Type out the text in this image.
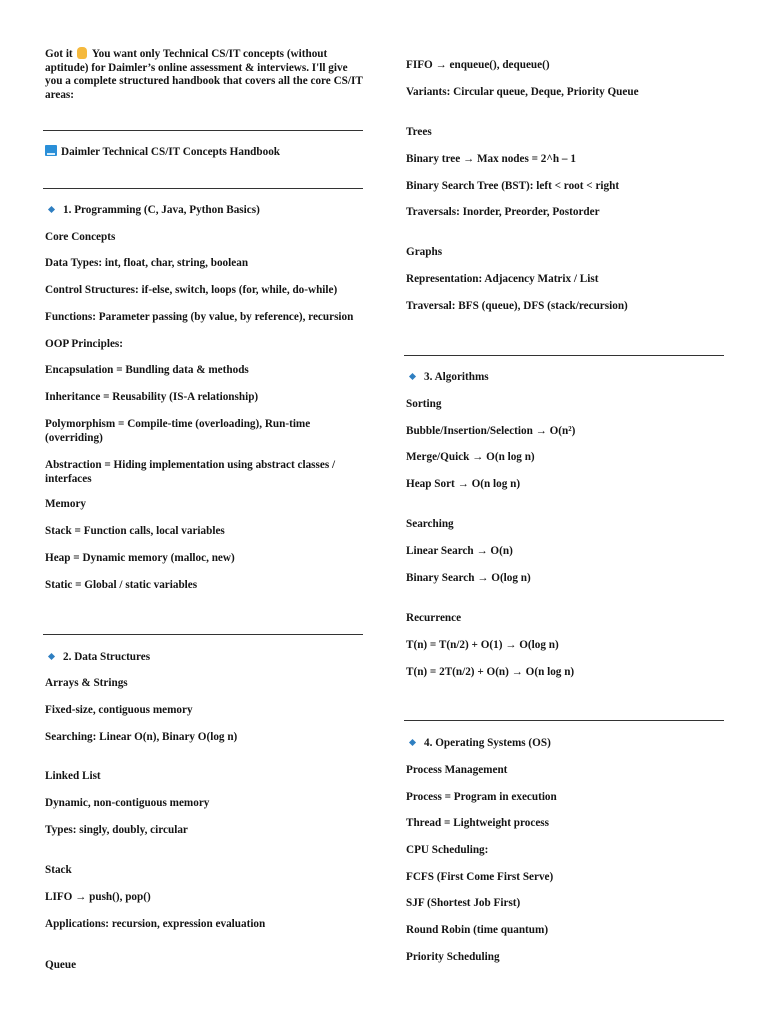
Got it You want only Technical CS/IT concepts (without aptitude) for Daimler’s online assessment & interviews. I'll give you a complete structured handbook that covers all the core CS/IT areas:
Daimler Technical CS/IT Concepts Handbook
1. Programming (C, Java, Python Basics)
Core Concepts
Data Types: int, float, char, string, boolean
Control Structures: if-else, switch, loops (for, while, do-while)
Functions: Parameter passing (by value, by reference), recursion
OOP Principles:
Encapsulation = Bundling data & methods
Inheritance = Reusability (IS-A relationship)
Polymorphism = Compile-time (overloading), Run-time (overriding)
Abstraction = Hiding implementation using abstract classes / interfaces
Memory
Stack = Function calls, local variables
Heap = Dynamic memory (malloc, new)
Static = Global / static variables
2. Data Structures
Arrays & Strings
Fixed-size, contiguous memory
Searching: Linear O(n), Binary O(log n)
Linked List
Dynamic, non-contiguous memory
Types: singly, doubly, circular
Stack
LIFO → push(), pop()
Applications: recursion, expression evaluation
Queue
FIFO → enqueue(), dequeue()
Variants: Circular queue, Deque, Priority Queue
Trees
Binary tree → Max nodes = 2^h – 1
Binary Search Tree (BST): left < root < right
Traversals: Inorder, Preorder, Postorder
Graphs
Representation: Adjacency Matrix / List
Traversal: BFS (queue), DFS (stack/recursion)
3. Algorithms
Sorting
Bubble/Insertion/Selection → O(n²)
Merge/Quick → O(n log n)
Heap Sort → O(n log n)
Searching
Linear Search → O(n)
Binary Search → O(log n)
Recurrence
T(n) = T(n/2) + O(1) → O(log n)
T(n) = 2T(n/2) + O(n) → O(n log n)
4. Operating Systems (OS)
Process Management
Process = Program in execution
Thread = Lightweight process
CPU Scheduling:
FCFS (First Come First Serve)
SJF (Shortest Job First)
Round Robin (time quantum)
Priority Scheduling
